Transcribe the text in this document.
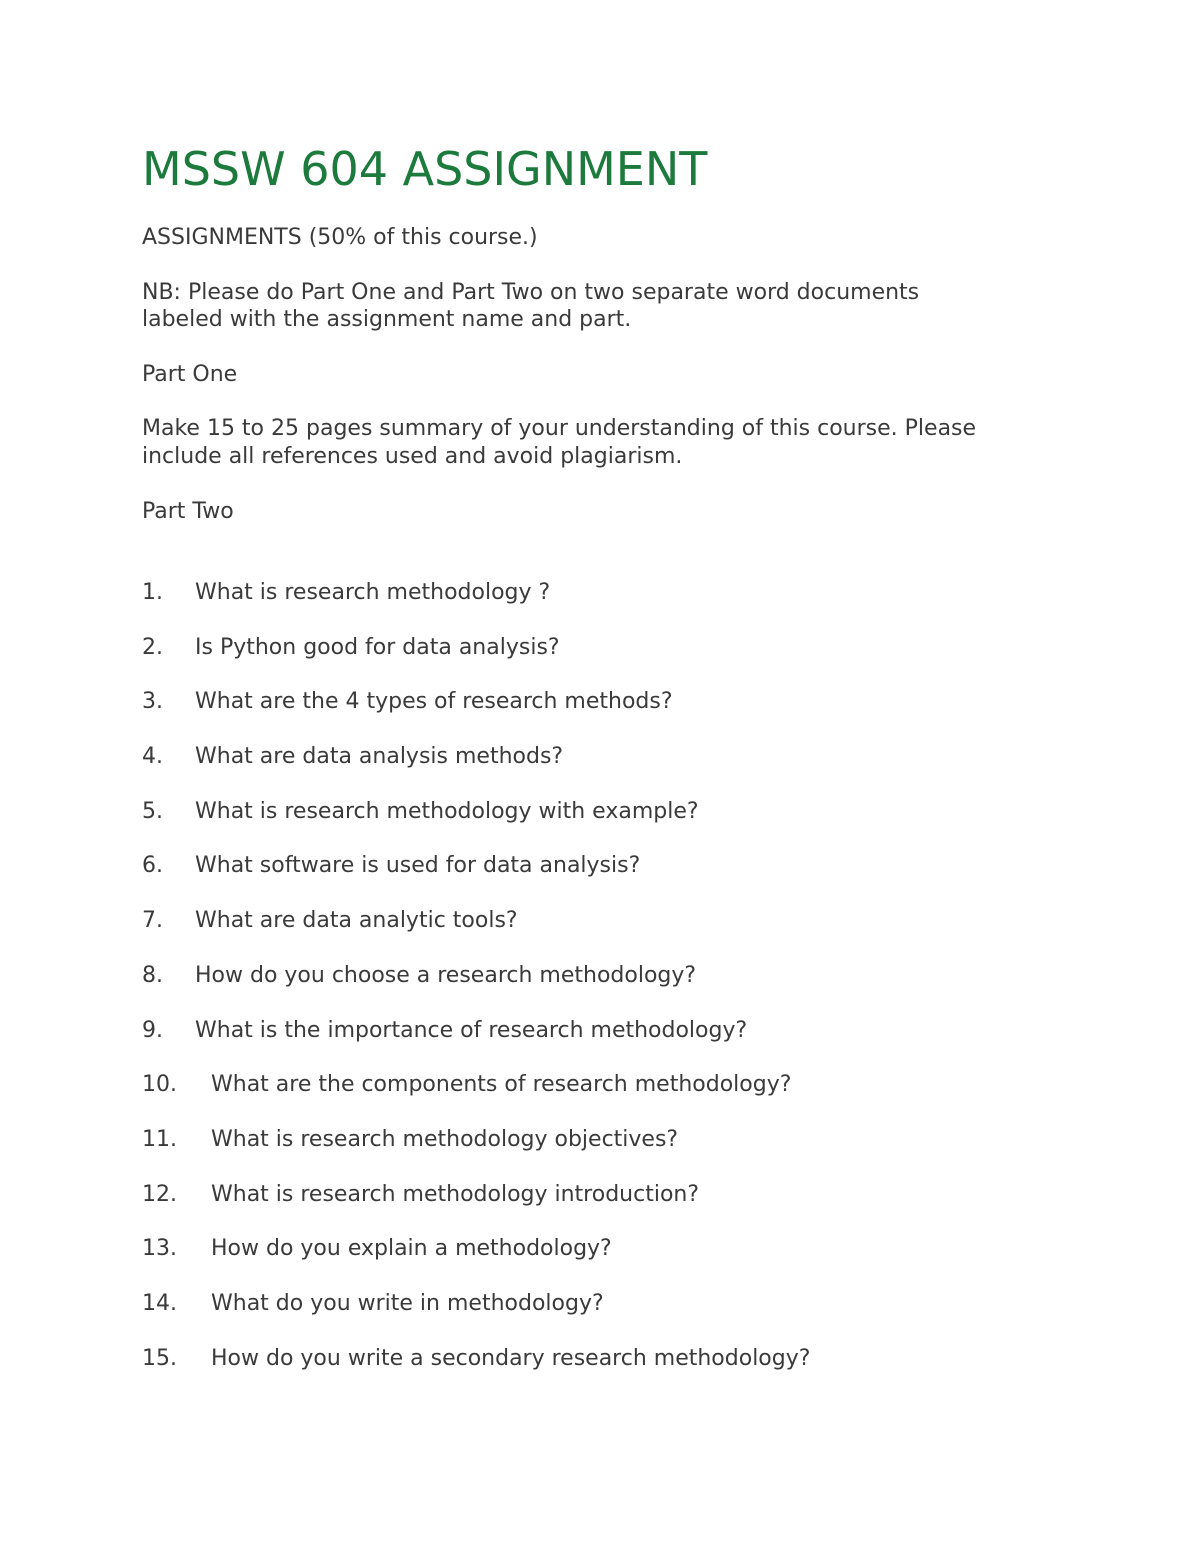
MSSW 604 ASSIGNMENT

ASSIGNMENTS (50% of this course.)

NB: Please do Part One and Part Two on two separate word documents

labeled with the assignment name and part.

Part One

Make 15 to 25 pages summary of your understanding of this course. Please

include all references used and avoid plagiarism.

Part Two

1. What is research methodology ?
2. Is Python good for data analysis?
3. What are the 4 types of research methods?
4. What are data analysis methods?
5. What is research methodology with example?
6. What software is used for data analysis?
7. What are data analytic tools?
8. How do you choose a research methodology?
9. What is the importance of research methodology?
10. What are the components of research methodology?
11. What is research methodology objectives?
12. What is research methodology introduction?
13. How do you explain a methodology?
14. What do you write in methodology?
15. How do you write a secondary research methodology?
